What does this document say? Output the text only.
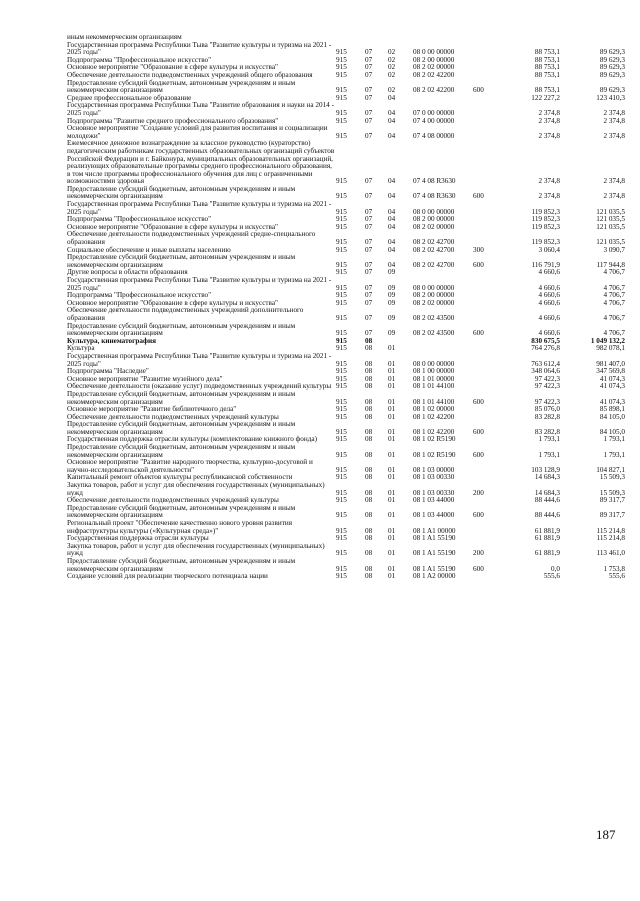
иным некоммерческим организациям
Государственная программа Республики Тыва "Развитие культуры и туризма на 2021 - 2025 годы"	915	07	02	08 0 00 00000	88 753,1	89 629,3
Подпрограмма "Профессиональное искусство"	915	07	02	08 2 00 00000	88 753,1	89 629,3
Основное мероприятие "Образование в сфере культуры и искусства"	915	07	02	08 2 02 00000	88 753,1	89 629,3
Обеспечение деятельности подведомственных учреждений общего образования	915	07	02	08 2 02 42200	88 753,1	89 629,3
Предоставление субсидий бюджетным, автономным учреждениям и иным некоммерческим организациям	915	07	02	08 2 02 42200	600	88 753,1	89 629,3
Среднее профессиональное образование	915	07	04	122 227,2	123 410,3
Государственная программа Республики Тыва "Развитие образования и науки на 2014 - 2025 годы"	915	07	04	07 0 00 00000	2 374,8	2 374,8
Подпрограмма "Развитие среднего профессионального образования"	915	07	04	07 4 00 00000	2 374,8	2 374,8
Основное мероприятие "Создание условий для развития воспитания и социализации молодежи"	915	07	04	07 4 08 00000	2 374,8	2 374,8
Ежемесячное денежное вознаграждение за классное руководство (кураторство) педагогическим работникам государственных образовательных организаций субъектов Российской Федерации и г. Байконура, муниципальных образовательных организаций, реализующих образовательные программы среднего профессионального образования, в том числе программы профессионального обучения для лиц с ограниченными возможностями здоровья	915	07	04	07 4 08 R3630	2 374,8	2 374,8
Предоставление субсидий бюджетным, автономным учреждениям и иным некоммерческим организациям	915	07	04	07 4 08 R3630	600	2 374,8	2 374,8
Государственная программа Республики Тыва "Развитие культуры и туризма на 2021 - 2025 годы"	915	07	04	08 0 00 00000	119 852,3	121 035,5
Подпрограмма "Профессиональное искусство"	915	07	04	08 2 00 00000	119 852,3	121 035,5
Основное мероприятие "Образование в сфере культуры и искусства"	915	07	04	08 2 02 00000	119 852,3	121 035,5
Обеспечение деятельности подведомственных учреждений средне-специального образования	915	07	04	08 2 02 42700	119 852,3	121 035,5
Социальное обеспечение и иные выплаты населению	915	07	04	08 2 02 42700	300	3 060,4	3 090,7
Предоставление субсидий бюджетным, автономным учреждениям и иным некоммерческим организациям	915	07	04	08 2 02 42700	600	116 791,9	117 944,8
Другие вопросы в области образования	915	07	09	4 660,6	4 706,7
Государственная программа Республики Тыва "Развитие культуры и туризма на 2021 - 2025 годы"	915	07	09	08 0 00 00000	4 660,6	4 706,7
Подпрограмма "Профессиональное искусство"	915	07	09	08 2 00 00000	4 660,6	4 706,7
Основное мероприятие "Образование в сфере культуры и искусства"	915	07	09	08 2 02 00000	4 660,6	4 706,7
Обеспечение деятельности подведомственных учреждений дополнительного образования	915	07	09	08 2 02 43500	4 660,6	4 706,7
Предоставление субсидий бюджетным, автономным учреждениям и иным некоммерческим организациям	915	07	09	08 2 02 43500	600	4 660,6	4 706,7
Культура, кинематография	915	08	830 675,5	1 049 132,2
Культура	915	08	01	764 276,8	982 078,1
Государственная программа Республики Тыва "Развитие культуры и туризма на 2021 - 2025 годы"	915	08	01	08 0 00 00000	763 612,4	981 407,0
Подпрограмма "Наследие"	915	08	01	08 1 00 00000	348 064,6	347 569,8
Основное мероприятие "Развитие музейного дела"	915	08	01	08 1 01 00000	97 422,3	41 074,3
Обеспечение деятельности (оказание услуг) подведомственных учреждений культуры 915	08	01	08 1 01 44100	97 422,3	41 074,3
Предоставление субсидий бюджетным, автономным учреждениям и иным некоммерческим организациям	915	08	01	08 1 01 44100	600	97 422,3	41 074,3
Основное мероприятие "Развитие библиотечного дела"	915	08	01	08 1 02 00000	85 076,0	85 898,1
Обеспечение деятельности подведомственных учреждений культуры	915	08	01	08 1 02 42200	83 282,8	84 105,0
Предоставление субсидий бюджетным, автономным учреждениям и иным некоммерческим организациям	915	08	01	08 1 02 42200	600	83 282,8	84 105,0
Государственная поддержка отрасли культуры (комплектование книжного фонда)	915	08	01	08 1 02 R5190	1 793,1	1 793,1
Предоставление субсидий бюджетным, автономным учреждениям и иным некоммерческим организациям	915	08	01	08 1 02 R5190	600	1 793,1	1 793,1
Основное мероприятие "Развитие народного творчества, культурно-досуговой и научно-исследовательской деятельности"	915	08	01	08 1 03 00000	103 128,9	104 827,1
Капитальный ремонт объектов культуры республиканской собственности	915	08	01	08 1 03 00330	14 684,3	15 509,3
Закупка товаров, работ и услуг для обеспечения государственных (муниципальных) нужд	915	08	01	08 1 03 00330	200	14 684,3	15 509,3
Обеспечение деятельности подведомственных учреждений культуры	915	08	01	08 1 03 44000	88 444,6	89 317,7
Предоставление субсидий бюджетным, автономным учреждениям и иным некоммерческим организациям	915	08	01	08 1 03 44000	600	88 444,6	89 317,7
Региональный проект "Обеспечение качественно нового уровня развития инфраструктуры культуры («Культурная среда»)"	915	08	01	08 1 A1 00000	61 881,9	115 214,8
Государственная поддержка отрасли культуры	915	08	01	08 1 A1 55190	61 881,9	115 214,8
Закупка товаров, работ и услуг для обеспечения государственных (муниципальных) нужд	915	08	01	08 1 A1 55190	200	61 881,9	113 461,0
Предоставление субсидий бюджетным, автономным учреждениям и иным некоммерческим организациям	915	08	01	08 1 A1 55190	600	0,0	1 753,8
Создание условий для реализации творческого потенциала нации	915	08	01	08 1 A2 00000	555,6	555,6
187
